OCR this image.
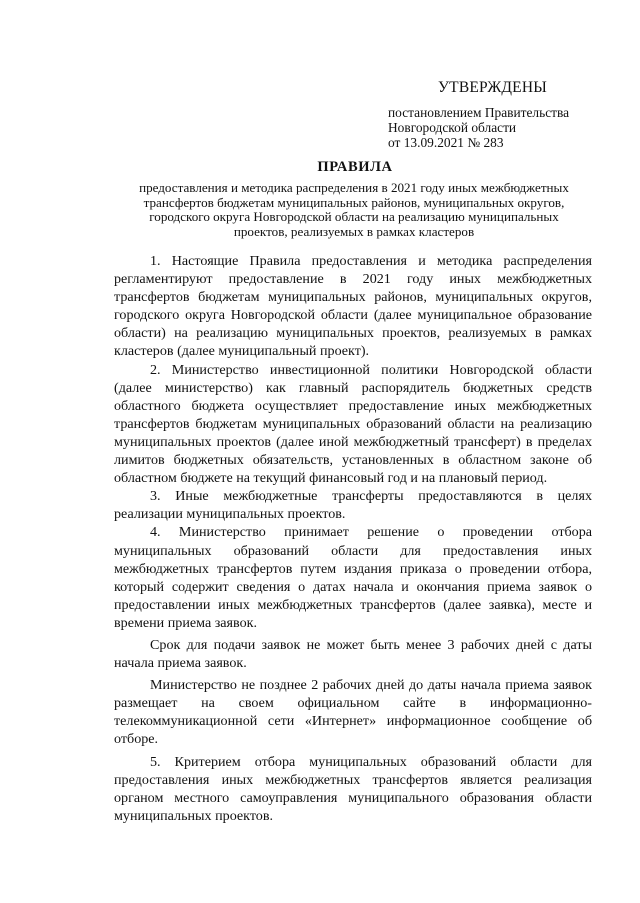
УТВЕРЖДЕНЫ
постановлением Правительства
Новгородской области
от 13.09.2021 № 283
ПРАВИЛА
предоставления и методика распределения в 2021 году иных межбюджетных
трансфертов бюджетам муниципальных районов, муниципальных округов,
городского округа Новгородской области на реализацию муниципальных
проектов, реализуемых в рамках кластеров

1. Настоящие Правила предоставления и методика распределения регламентируют предоставление в 2021 году иных межбюджетных трансфертов бюджетам муниципальных районов, муниципальных округов, городского округа Новгородской области (далее муниципальное образование области) на реализацию муниципальных проектов, реализуемых в рамках кластеров (далее муниципальный проект).

2. Министерство инвестиционной политики Новгородской области (далее министерство) как главный распорядитель бюджетных средств областного бюджета осуществляет предоставление иных межбюджетных трансфертов бюджетам муниципальных образований области на реализацию муниципальных проектов (далее иной межбюджетный трансферт) в пределах лимитов бюджетных обязательств, установленных в областном законе об областном бюджете на текущий финансовый год и на плановый период.

3. Иные межбюджетные трансферты предоставляются в целях реализации муниципальных проектов.

4. Министерство принимает решение о проведении отбора муниципальных образований области для предоставления иных межбюджетных трансфертов путем издания приказа о проведении отбора, который содержит сведения о датах начала и окончания приема заявок о предоставлении иных межбюджетных трансфертов (далее заявка), месте и времени приема заявок.

Срок для подачи заявок не может быть менее 3 рабочих дней с даты начала приема заявок.

Министерство не позднее 2 рабочих дней до даты начала приема заявок размещает на своем официальном сайте в информационно-телекоммуникационной сети «Интернет» информационное сообщение об отборе.

5. Критерием отбора муниципальных образований области для предоставления иных межбюджетных трансфертов является реализация органом местного самоуправления муниципального образования области муниципальных проектов.
